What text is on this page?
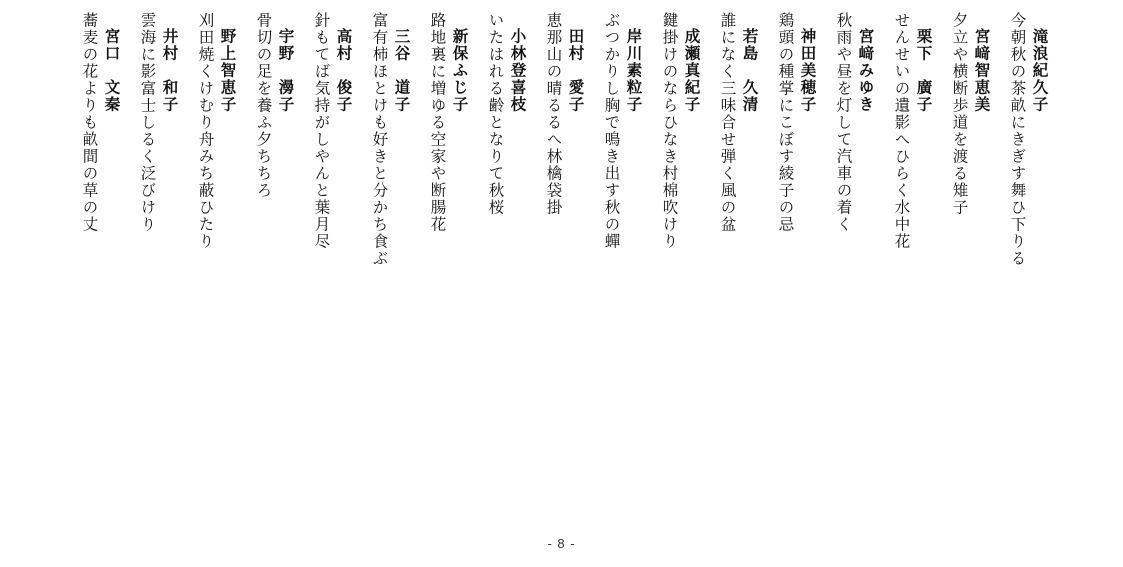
滝浪紀久子
今朝秋の茶畝にきぎす舞ひ下りる
宮﨑智恵美
夕立や横断歩道を渡る雉子
栗下　廣子
せんせいの遺影へひらく水中花
宮﨑みゆき
秋雨や昼を灯して汽車の着く
神田美穂子
鶏頭の種掌にこぼす綾子の忌
若島　久清
誰になく三味合せ弾く風の盆
成瀬真紀子
鍵掛けのならひなき村棉吹けり
岸川素粒子
ぶつかりし胸で鳴き出す秋の蟬
田村　愛子
恵那山の晴るるへ林檎袋掛
小林登喜枝
いたはれる齢となりて秋桜
新保ふじ子
路地裏に増ゆる空家や断腸花
三谷　道子
富有柿ほとけも好きと分かち食ぶ
高村　俊子
針もてば気持がしやんと葉月尽
宇野　澷子
骨切の足を養ふ夕ちちろ
野上智恵子
刈田焼くけむり舟みち蔽ひたり
井村　和子
雲海に影富士しるく泛びけり
宮口　文秦
蕎麦の花よりも畝間の草の丈
- 8 -
